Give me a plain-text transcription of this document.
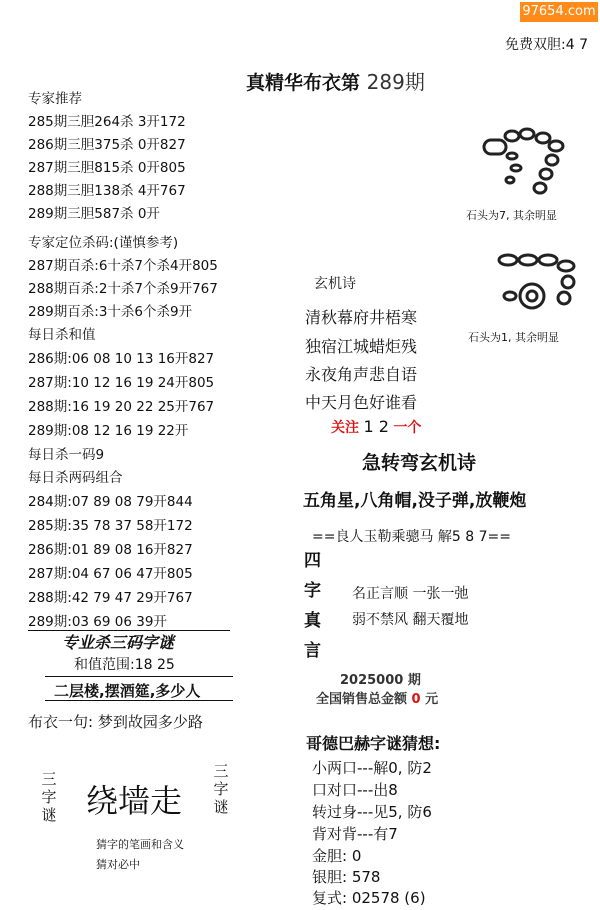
97654.com
免费双胆:4 7
真精华布衣第 289期
专家推荐
285期三胆264杀 3开172
286期三胆375杀 0开827
287期三胆815杀 0开805
288期三胆138杀 4开767
289期三胆587杀 0开
专家定位杀码:(谨慎参考)
287期百杀:6十杀7个杀4开805
288期百杀:2十杀7个杀9开767
289期百杀:3十杀6个杀9开
每日杀和值
286期:06 08 10 13 16开827
287期:10 12 16 19 24开805
288期:16 19 20 22 25开767
289期:08 12 16 19 22开
每日杀一码9
每日杀两码组合
284期:07 89 08 79开844
285期:35 78 37 58开172
286期:01 89 08 16开827
287期:04 67 06 47开805
288期:42 79 47 29开767
289期:03 69 06 39开
专业杀三码字谜
和值范围:18 25
二层楼,摆酒筵,多少人
布衣一句: 梦到故园多少路
三字谜 绕墙走
三字谜
猜字的笔画和含义
猜对必中
石头为7, 其余明显
石头为1, 其余明显
玄机诗
清秋幕府井梧寒
独宿江城蜡炬残
永夜角声悲自语
中天月色好谁看
关注 1 2 一个
急转弯玄机诗
五角星,八角帽,没子弹,放鞭炮
==良人玉勒乘骢马 解5 8 7==
四
字
真
言
名正言顺 一张一弛
弱不禁风 翻天覆地
2025000 期
全国销售总金额 0 元
哥德巴赫字谜猜想:
小两口---解0, 防2
口对口---出8
转过身---见5, 防6
背对背---有7
金胆: 0
银胆: 578
复式: 02578 (6)
